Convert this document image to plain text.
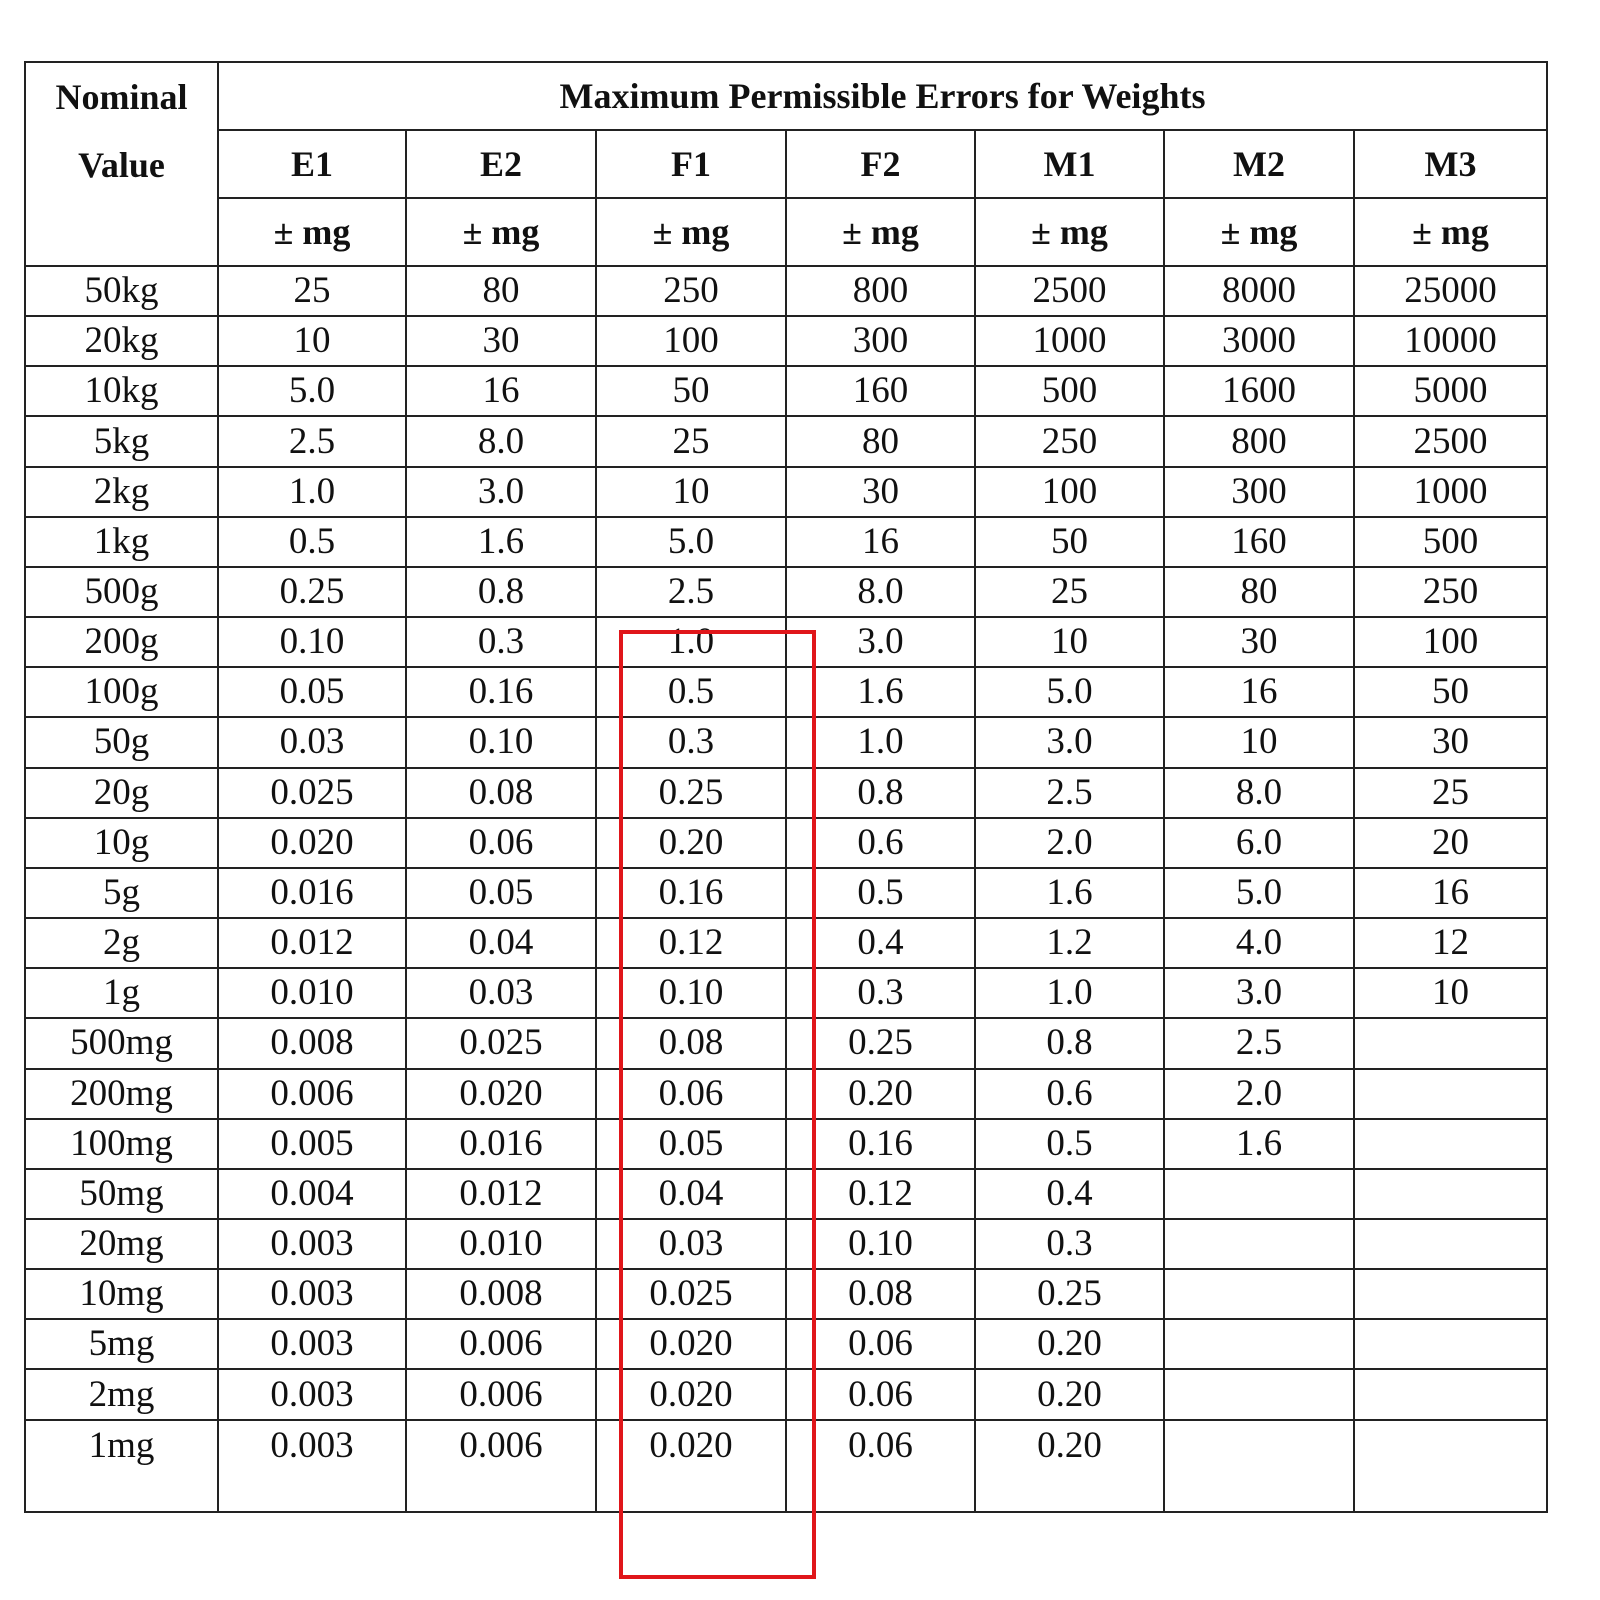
Nominal
Value	Maximum Permissible Errors for Weights						
	E1	E2	F1	F2	M1	M2	M3
	± mg	± mg	± mg	± mg	± mg	± mg	± mg
50kg	25	80	250	800	2500	8000	25000
20kg	10	30	100	300	1000	3000	10000
10kg	5.0	16	50	160	500	1600	5000
5kg	2.5	8.0	25	80	250	800	2500
2kg	1.0	3.0	10	30	100	300	1000
1kg	0.5	1.6	5.0	16	50	160	500
500g	0.25	0.8	2.5	8.0	25	80	250
200g	0.10	0.3	1.0	3.0	10	30	100
100g	0.05	0.16	0.5	1.6	5.0	16	50
50g	0.03	0.10	0.3	1.0	3.0	10	30
20g	0.025	0.08	0.25	0.8	2.5	8.0	25
10g	0.020	0.06	0.20	0.6	2.0	6.0	20
5g	0.016	0.05	0.16	0.5	1.6	5.0	16
2g	0.012	0.04	0.12	0.4	1.2	4.0	12
1g	0.010	0.03	0.10	0.3	1.0	3.0	10
500mg	0.008	0.025	0.08	0.25	0.8	2.5	
200mg	0.006	0.020	0.06	0.20	0.6	2.0	
100mg	0.005	0.016	0.05	0.16	0.5	1.6	
50mg	0.004	0.012	0.04	0.12	0.4		
20mg	0.003	0.010	0.03	0.10	0.3		
10mg	0.003	0.008	0.025	0.08	0.25		
5mg	0.003	0.006	0.020	0.06	0.20		
2mg	0.003	0.006	0.020	0.06	0.20		
1mg	0.003	0.006	0.020	0.06	0.20		
